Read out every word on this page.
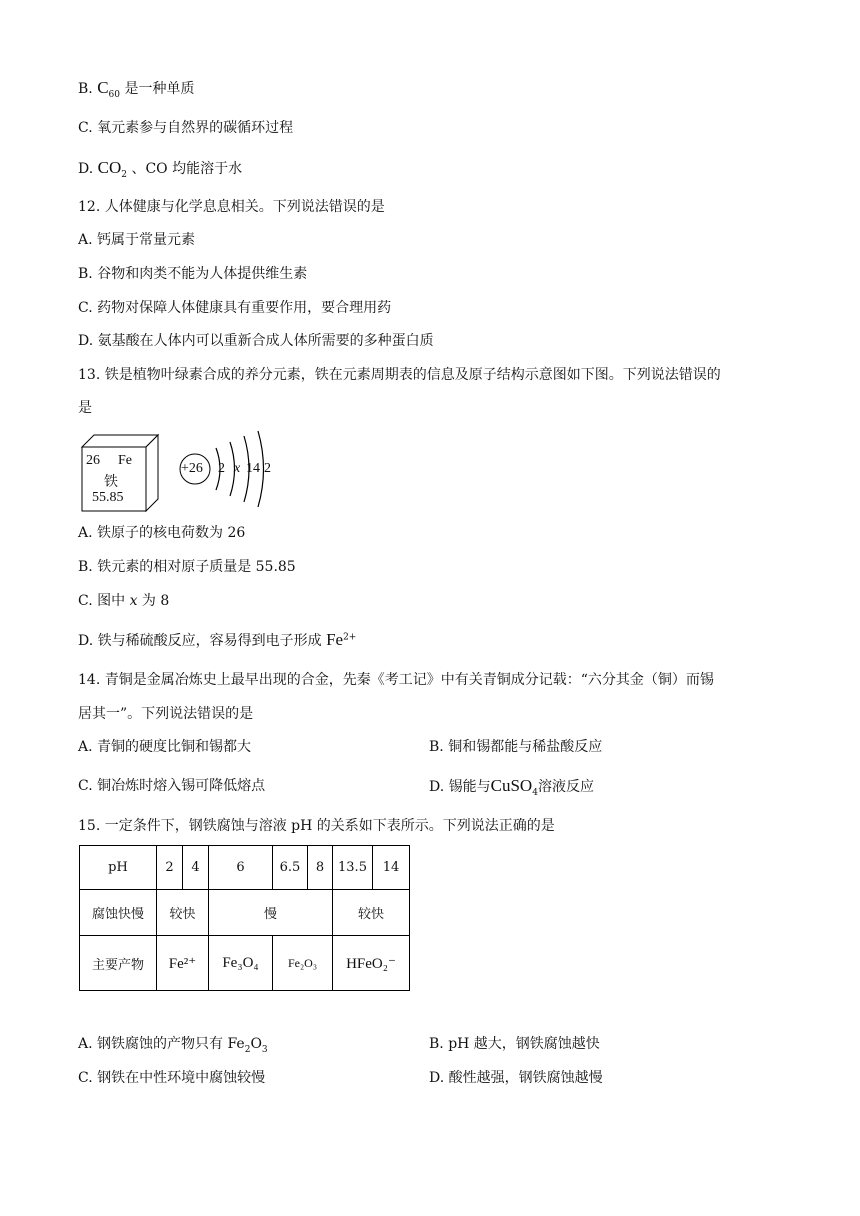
B. $C_{60}$ 是一种单质
C. 氧元素参与自然界的碳循环过程
D. $CO_2$ 、CO 均能溶于水
12. 人体健康与化学息息相关。下列说法错误的是
A. 钙属于常量元素
B. 谷物和肉类不能为人体提供维生素
C. 药物对保障人体健康具有重要作用，要合理用药
D. 氨基酸在人体内可以重新合成人体所需要的多种蛋白质
13. 铁是植物叶绿素合成的养分元素，铁在元素周期表的信息及原子结构示意图如下图。下列说法错误的
是
26 Fe
铁
55.85
+26 2 x 14 2
A. 铁原子的核电荷数为 26
B. 铁元素的相对原子质量是 55.85
C. 图中 x 为 8
D. 铁与稀硫酸反应，容易得到电子形成 $Fe^{2+}$
14. 青铜是金属冶炼史上最早出现的合金，先秦《考工记》中有关青铜成分记载：“六分其金（铜）而锡
居其一”。下列说法错误的是
A. 青铜的硬度比铜和锡都大	B. 铜和锡都能与稀盐酸反应
C. 铜冶炼时熔入锡可降低熔点	D. 锡能与CuSO$_4$溶液反应
15. 一定条件下，钢铁腐蚀与溶液 pH 的关系如下表所示。下列说法正确的是
pH	2	4	6	6.5	8	13.5	14
腐蚀快慢	较快		慢			较快	
主要产物	Fe²⁺		Fe₃O₄	Fe₂O₃		HFeO₂⁻	
A. 钢铁腐蚀的产物只有 $Fe_2O_3$	B. pH 越大，钢铁腐蚀越快
C. 钢铁在中性环境中腐蚀较慢	D. 酸性越强，钢铁腐蚀越慢
